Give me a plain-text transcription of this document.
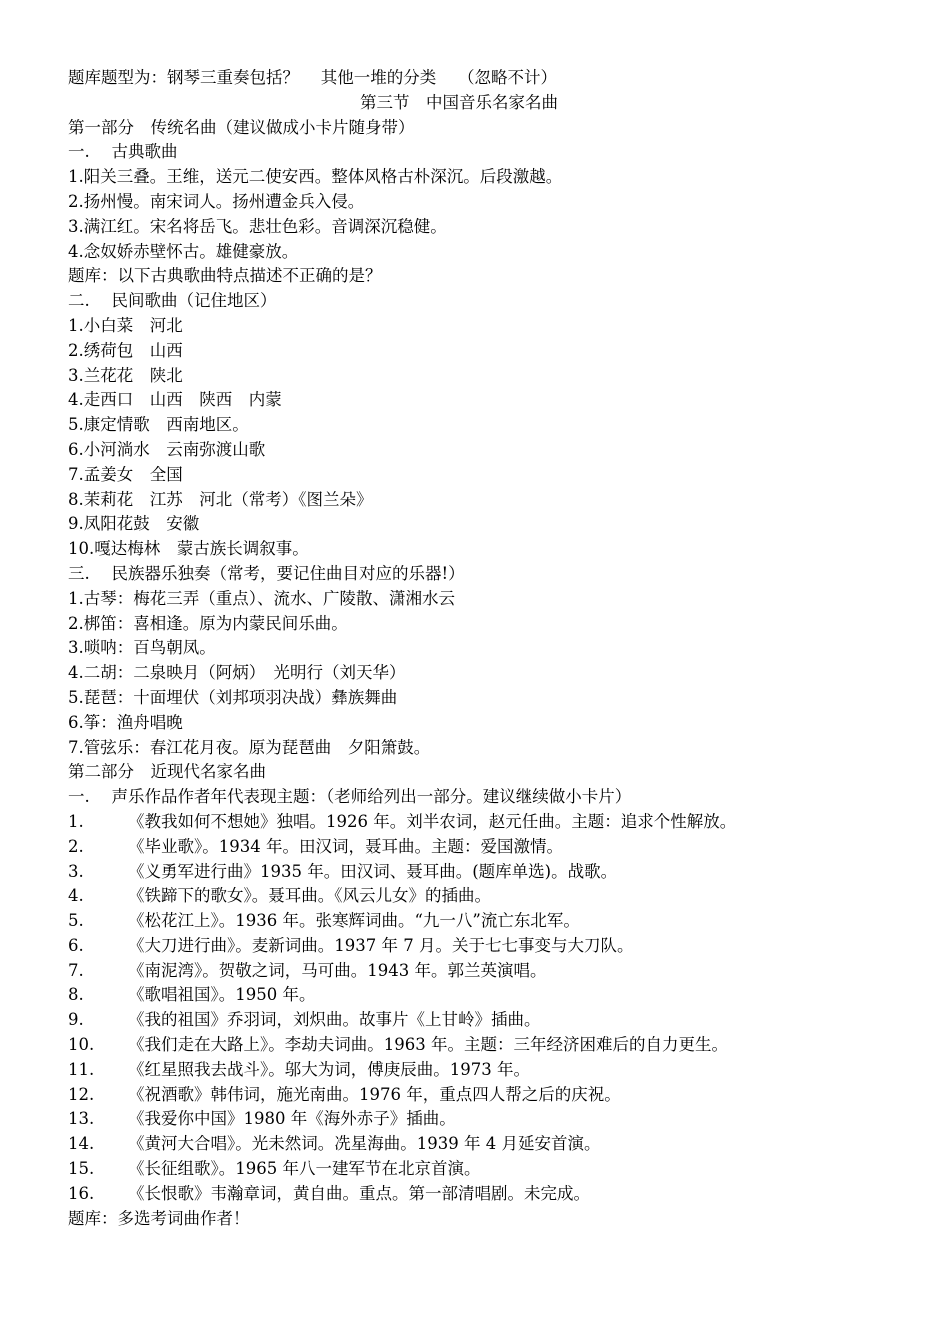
题库题型为：钢琴三重奏包括？　 其他一堆的分类　 （忽略不计）
第三节　中国音乐名家名曲
第一部分　传统名曲（建议做成小卡片随身带）
一.　 古典歌曲
1.阳关三叠。王维，送元二使安西。整体风格古朴深沉。后段激越。
2.扬州慢。南宋词人。扬州遭金兵入侵。
3.满江红。宋名将岳飞。悲壮色彩。音调深沉稳健。
4.念奴娇赤壁怀古。雄健豪放。
题库：以下古典歌曲特点描述不正确的是？
二.　 民间歌曲（记住地区）
1.小白菜　河北
2.绣荷包　山西
3.兰花花　陕北
4.走西口　山西　陕西　内蒙
5.康定情歌　西南地区。
6.小河淌水　云南弥渡山歌
7.孟姜女　全国
8.茉莉花　江苏　河北（常考）《图兰朵》
9.凤阳花鼓　安徽
10.嘎达梅林　蒙古族长调叙事。
三.　 民族器乐独奏（常考，要记住曲目对应的乐器!）
1.古琴：梅花三弄（重点）、流水、广陵散、潇湘水云
2.梆笛：喜相逢。原为内蒙民间乐曲。
3.唢呐：百鸟朝凤。
4.二胡：二泉映月（阿炳）　光明行（刘天华）
5.琵琶：十面埋伏（刘邦项羽决战）彝族舞曲
6.筝：渔舟唱晚
7.管弦乐：春江花月夜。原为琵琶曲　夕阳箫鼓。
第二部分　近现代名家名曲
一.　 声乐作品作者年代表现主题：（老师给列出一部分。建议继续做小卡片）
1.	《教我如何不想她》独唱。1926 年。刘半农词，赵元任曲。主题：追求个性解放。
2.	《毕业歌》。1934 年。田汉词，聂耳曲。主题：爱国激情。
3.	《义勇军进行曲》1935 年。田汉词、聂耳曲。(题库单选)。战歌。
4.	《铁蹄下的歌女》。聂耳曲。《风云儿女》的插曲。
5.	《松花江上》。1936 年。张寒辉词曲。“九一八”流亡东北军。
6.	《大刀进行曲》。麦新词曲。1937 年 7 月。关于七七事变与大刀队。
7.	《南泥湾》。贺敬之词，马可曲。1943 年。郭兰英演唱。
8.	《歌唱祖国》。1950 年。
9.	《我的祖国》乔羽词，刘炽曲。故事片《上甘岭》插曲。
10.	《我们走在大路上》。李劫夫词曲。1963 年。主题：三年经济困难后的自力更生。
11.	《红星照我去战斗》。邬大为词，傅庚辰曲。1973 年。
12.	《祝酒歌》韩伟词，施光南曲。1976 年，重点四人帮之后的庆祝。
13.	《我爱你中国》1980 年《海外赤子》插曲。
14.	《黄河大合唱》。光未然词。冼星海曲。1939 年 4 月延安首演。
15.	《长征组歌》。1965 年八一建军节在北京首演。
16.	《长恨歌》韦瀚章词，黄自曲。重点。第一部清唱剧。未完成。
题库：多选考词曲作者！
